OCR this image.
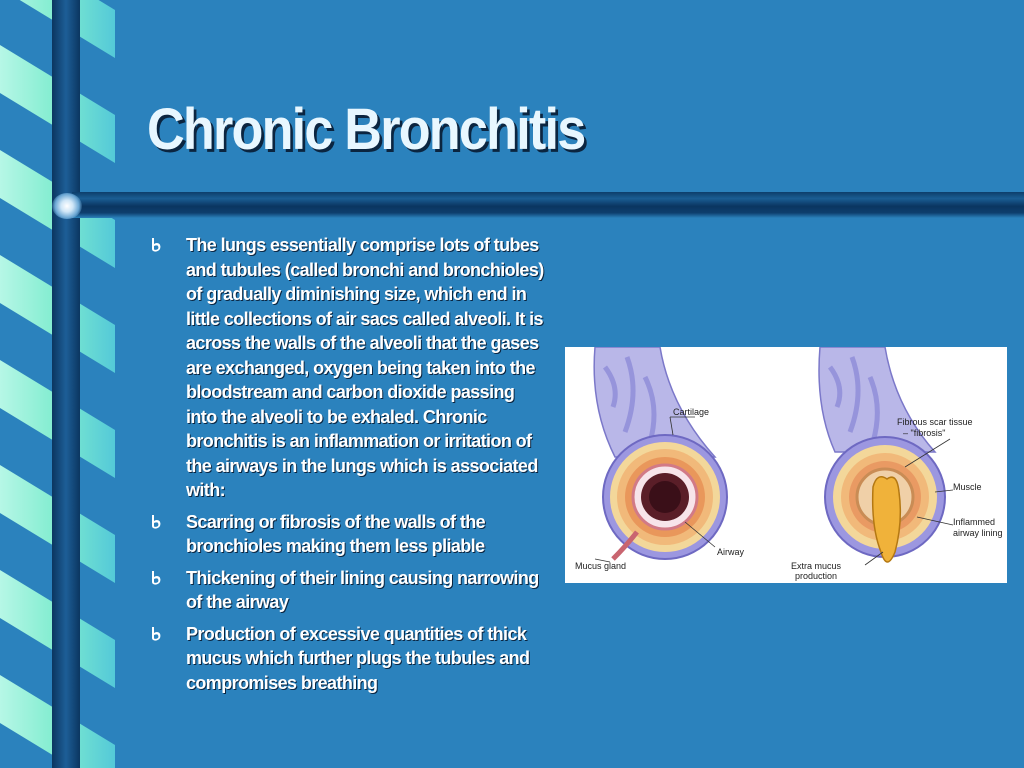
Chronic Bronchitis
The lungs essentially comprise lots of tubes and tubules (called bronchi and bronchioles) of gradually diminishing size, which end in little collections of air sacs called alveoli. It is across the walls of the alveoli that the gases are exchanged, oxygen being taken into the bloodstream and carbon dioxide passing into the alveoli to be exhaled. Chronic bronchitis is an inflammation or irritation of the airways in the lungs which is associated with:
Scarring or fibrosis of the walls of the bronchioles making them less pliable
Thickening of their lining causing narrowing of the airway
Production of excessive quantities of thick mucus which further plugs the tubules and compromises breathing
Cartilage
Mucus gland
Airway
Fibrous scar tissue
– "fibrosis"
Muscle
Inflammed
airway lining
Extra mucus
production
